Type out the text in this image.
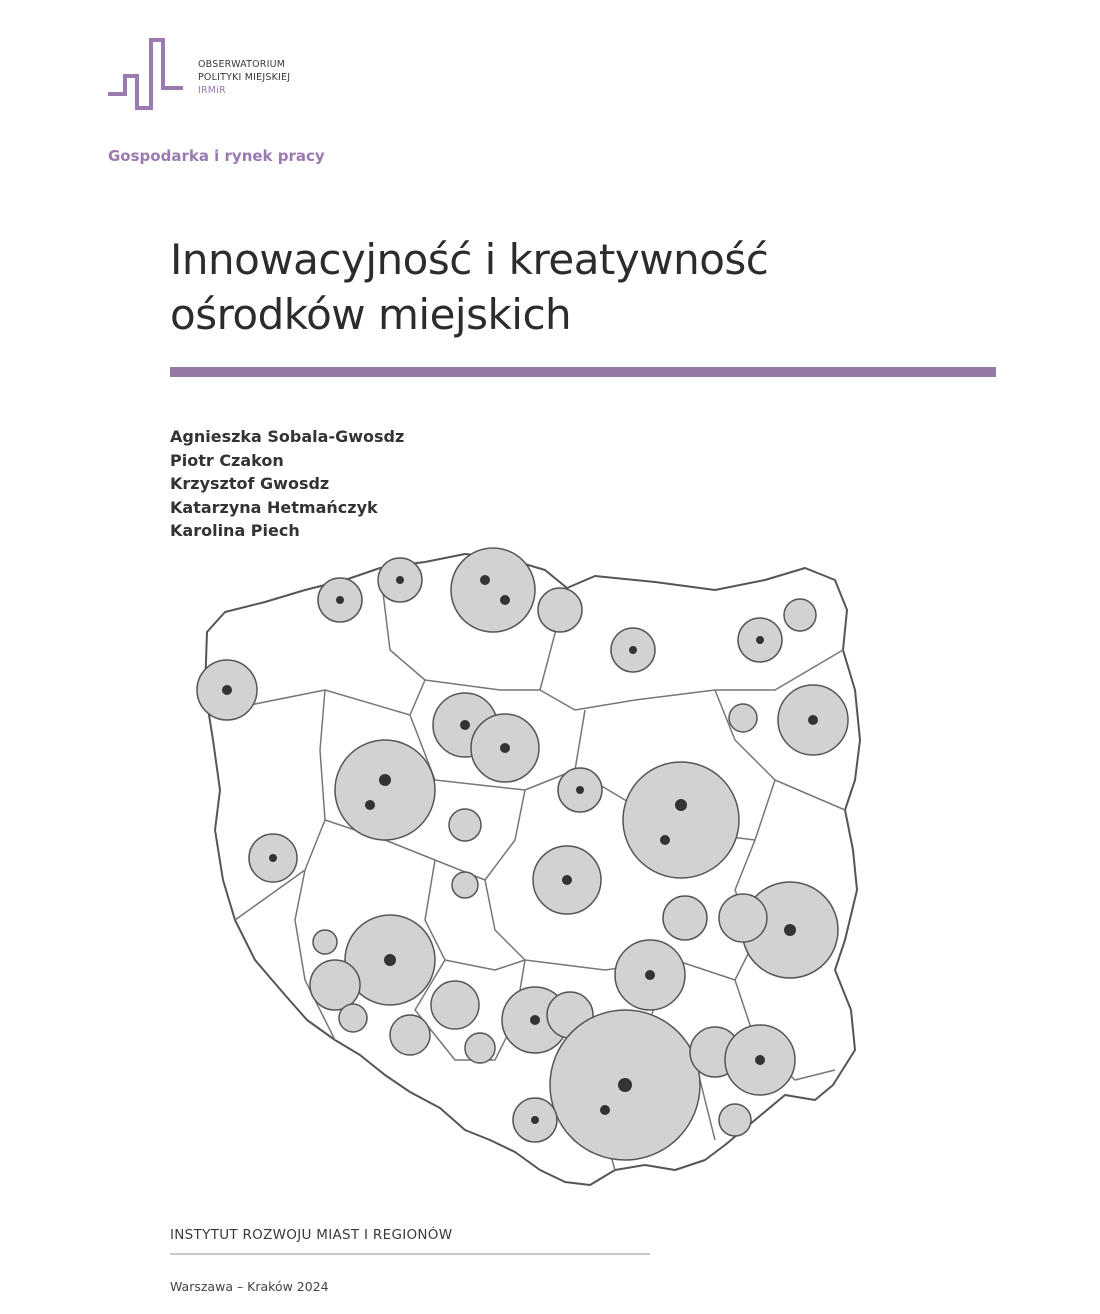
OBSERWATORIUM
POLITYKI MIEJSKIEJ
IRMiR
Gospodarka i rynek pracy
Innowacyjność i kreatywność
ośrodków miejskich
Agnieszka Sobala-Gwosdz
Piotr Czakon
Krzysztof Gwosdz
Katarzyna Hetmańczyk
Karolina Piech
INSTYTUT ROZWOJU MIAST I REGIONÓW
Warszawa – Kraków 2024
